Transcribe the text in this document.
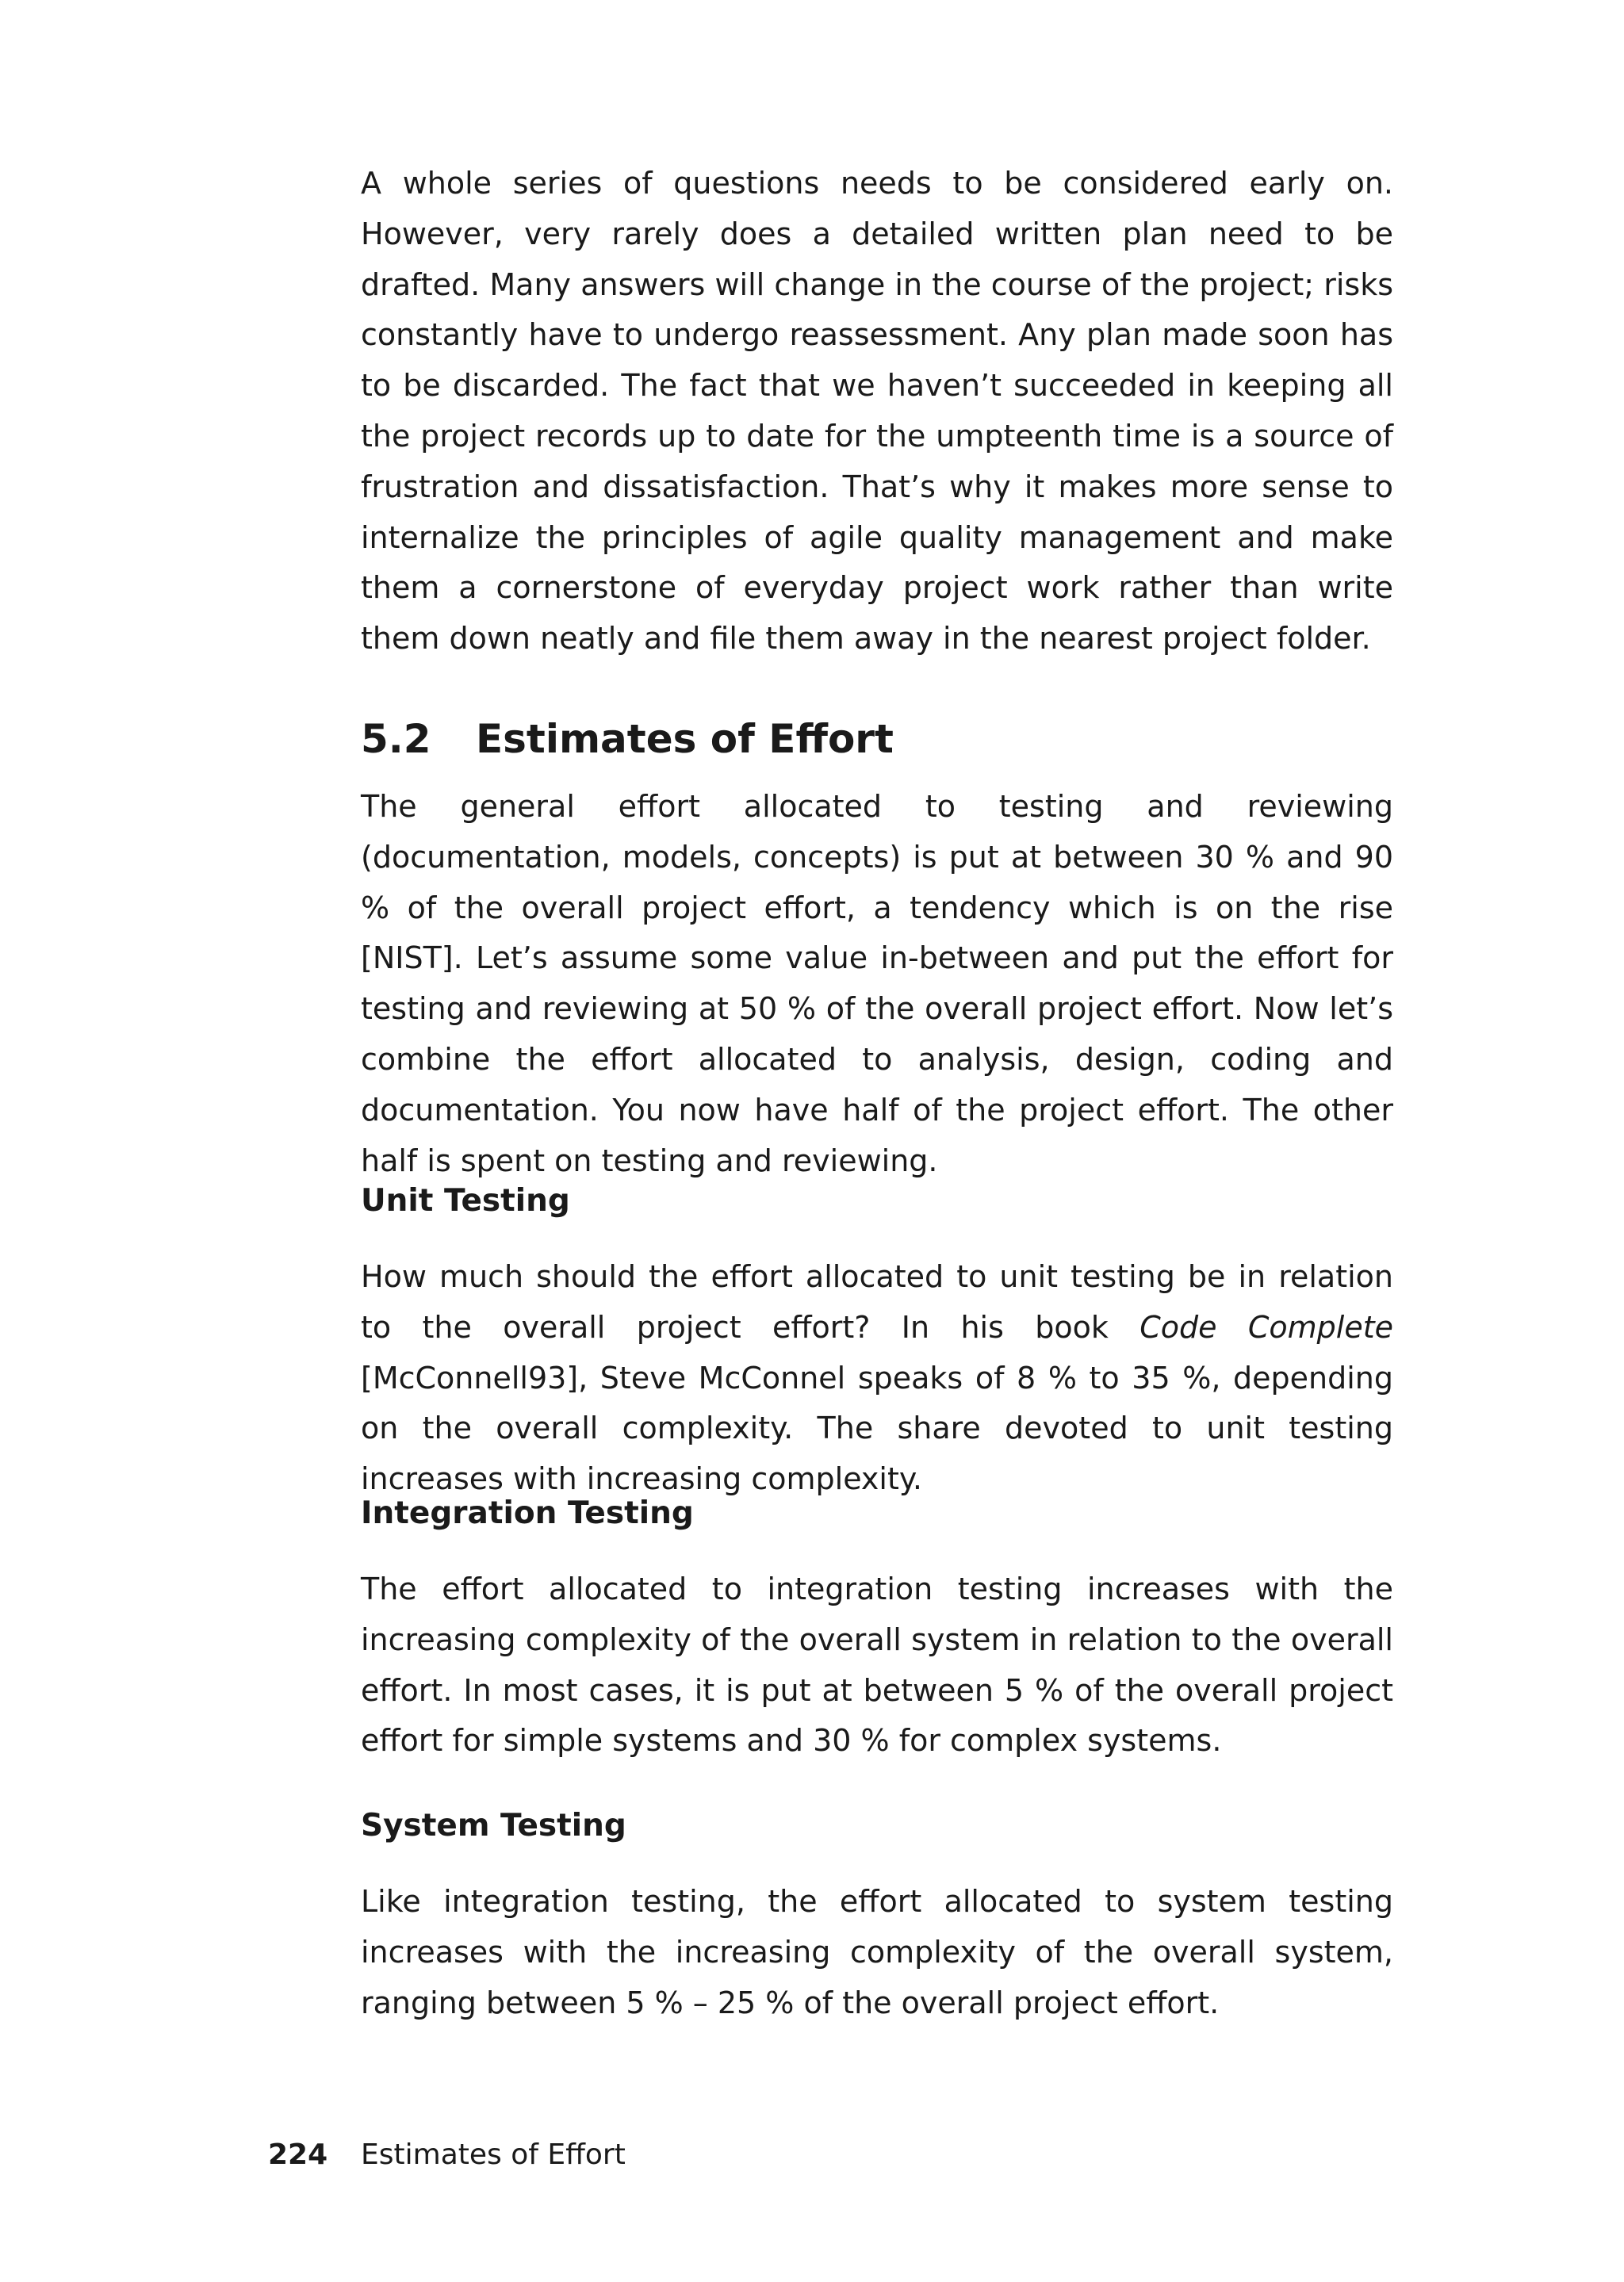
A whole series of questions needs to be considered early on. However, very rarely does a detailed written plan need to be drafted. Many answers will change in the course of the project; risks constantly have to undergo reassessment. Any plan made soon has to be discarded. The fact that we haven’t succeeded in keeping all the project records up to date for the umpteenth time is a source of frustration and dissatisfaction. That’s why it makes more sense to internalize the principles of agile quality management and make them a cornerstone of everyday project work rather than write them down neatly and file them away in the nearest project folder.

5.2 Estimates of Effort

The general effort allocated to testing and reviewing (documentation, models, concepts) is put at between 30 % and 90 % of the overall project effort, a tendency which is on the rise [NIST]. Let’s assume some value in-between and put the effort for testing and reviewing at 50 % of the overall project effort. Now let’s combine the effort allocated to analysis, design, coding and documentation. You now have half of the project effort. The other half is spent on testing and reviewing.

Unit Testing

How much should the effort allocated to unit testing be in relation to the overall project effort? In his book Code Complete [McConnell93], Steve McConnel speaks of 8 % to 35 %, depending on the overall complexity. The share devoted to unit testing increases with increasing complexity.

Integration Testing

The effort allocated to integration testing increases with the increasing complexity of the overall system in relation to the overall effort. In most cases, it is put at between 5 % of the overall project effort for simple systems and 30 % for complex systems.

System Testing

Like integration testing, the effort allocated to system testing increases with the increasing complexity of the overall system, ranging between 5 % – 25 % of the overall project effort.

224 Estimates of Effort
